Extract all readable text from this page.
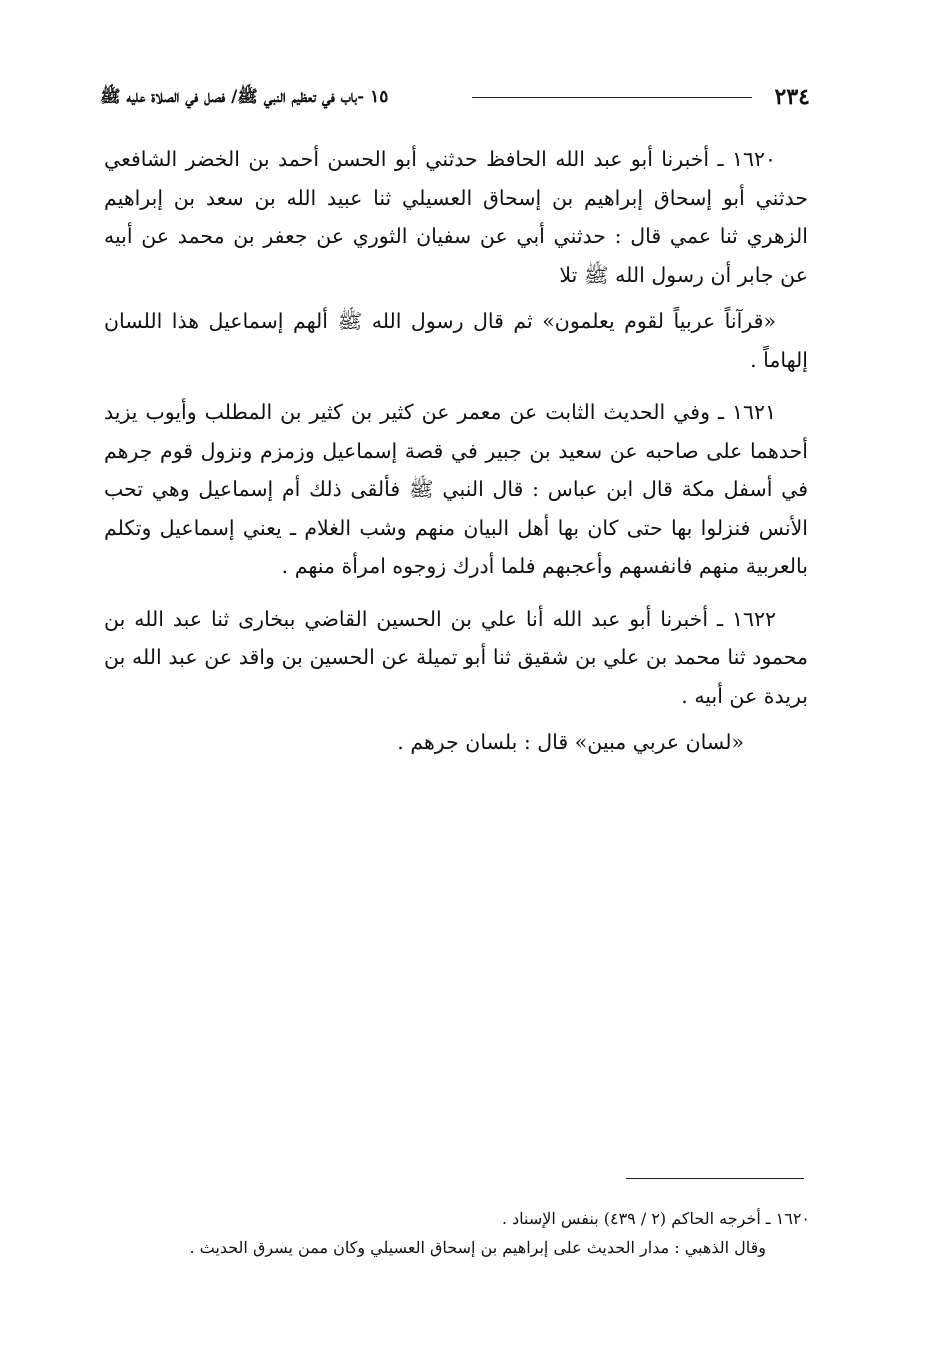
٢٣٤
١٥ -باب في تعظيم النبي ﷺ/ فصل في الصلاة عليه ﷺ

١٦٢٠ ـ أخبرنا أبو عبد الله الحافظ حدثني أبو الحسن أحمد بن الخضر الشافعي حدثني أبو إسحاق إبراهيم بن إسحاق العسيلي ثنا عبيد الله بن سعد بن إبراهيم الزهري ثنا عمي قال : حدثني أبي عن سفيان الثوري عن جعفر بن محمد عن أبيه عن جابر أن رسول الله ﷺ تلا

«قرآناً عربياً لقوم يعلمون» ثم قال رسول الله ﷺ ألهم إسماعيل هذا اللسان إلهاماً .

١٦٢١ ـ وفي الحديث الثابت عن معمر عن كثير بن كثير بن المطلب وأيوب يزيد أحدهما على صاحبه عن سعيد بن جبير في قصة إسماعيل وزمزم ونزول قوم جرهم في أسفل مكة قال ابن عباس : قال النبي ﷺ فألقى ذلك أم إسماعيل وهي تحب الأنس فنزلوا بها حتى كان بها أهل البيان منهم وشب الغلام ـ يعني إسماعيل وتكلم بالعربية منهم فانفسهم وأعجبهم فلما أدرك زوجوه امرأة منهم .

١٦٢٢ ـ أخبرنا أبو عبد الله أنا علي بن الحسين القاضي ببخارى ثنا عبد الله بن محمود ثنا محمد بن علي بن شقيق ثنا أبو تميلة عن الحسين بن واقد عن عبد الله بن بريدة عن أبيه .

«لسان عربي مبين» قال : بلسان جرهم .

١٦٢٠ ـ أخرجه الحاكم (٢ / ٤٣٩) بنفس الإسناد .

وقال الذهبي : مدار الحديث على إبراهيم بن إسحاق العسيلي وكان ممن يسرق الحديث .
